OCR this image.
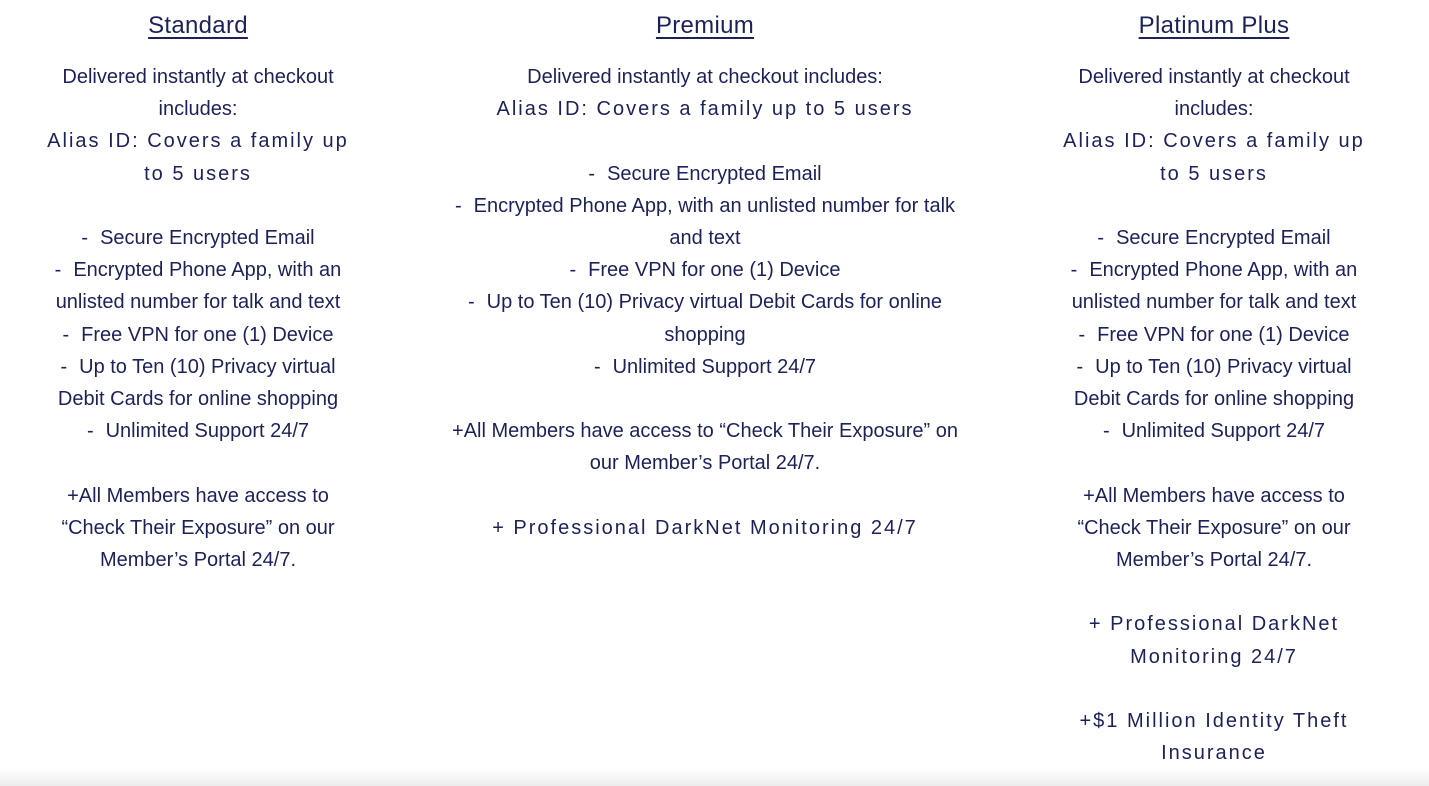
Standard

Delivered instantly at checkout includes:

Alias ID: Covers a family up to 5 users

- Secure Encrypted Email
- Encrypted Phone App, with an unlisted number for talk and text
- Free VPN for one (1) Device
- Up to Ten (10) Privacy virtual Debit Cards for online shopping
- Unlimited Support 24/7

+All Members have access to “Check Their Exposure” on our Member’s Portal 24/7.

Premium

Delivered instantly at checkout includes:

Alias ID: Covers a family up to 5 users

- Secure Encrypted Email
- Encrypted Phone App, with an unlisted number for talk and text
- Free VPN for one (1) Device
- Up to Ten (10) Privacy virtual Debit Cards for online shopping
- Unlimited Support 24/7

+All Members have access to “Check Their Exposure” on our Member’s Portal 24/7.

+ Professional DarkNet Monitoring 24/7

Platinum Plus

Delivered instantly at checkout includes:

Alias ID: Covers a family up to 5 users

- Secure Encrypted Email
- Encrypted Phone App, with an unlisted number for talk and text
- Free VPN for one (1) Device
- Up to Ten (10) Privacy virtual Debit Cards for online shopping
- Unlimited Support 24/7

+All Members have access to “Check Their Exposure” on our Member’s Portal 24/7.

+ Professional DarkNet Monitoring 24/7

+$1 Million Identity Theft Insurance
